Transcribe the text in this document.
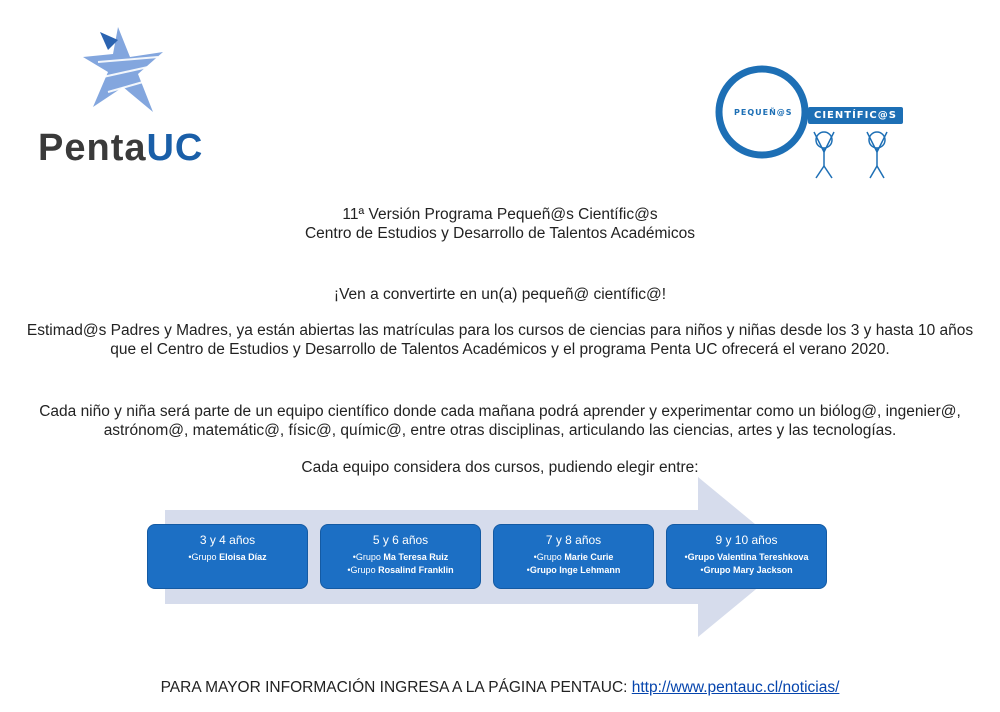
PentaUC
PEQUEÑ@S	CIENTÍFIC@S
11ª Versión Programa Pequeñ@s Científic@s
Centro de Estudios y Desarrollo de Talentos Académicos
¡Ven a convertirte en un(a) pequeñ@ científic@!
Estimad@s Padres y Madres, ya están abiertas las matrículas para los cursos de ciencias para niños y niñas desde los 3 y hasta 10 años que el Centro de Estudios y Desarrollo de Talentos Académicos y el programa Penta UC ofrecerá el verano 2020.
Cada niño y niña será parte de un equipo científico donde cada mañana podrá aprender y experimentar como un biólog@, ingenier@, astrónom@, matemátic@, físic@, químic@, entre otras disciplinas, articulando las ciencias, artes y las tecnologías.
Cada equipo considera dos cursos, pudiendo elegir entre:
3 y 4 años
•Grupo Eloisa Díaz
5 y 6 años
•Grupo Ma Teresa Ruiz
•Grupo Rosalind Franklin
7 y 8 años
•Grupo Marie Curie
•Grupo Inge Lehmann
9 y 10 años
•Grupo Valentina Tereshkova
•Grupo Mary Jackson
PARA MAYOR INFORMACIÓN INGRESA A LA PÁGINA PENTAUC: http://www.pentauc.cl/noticias/
